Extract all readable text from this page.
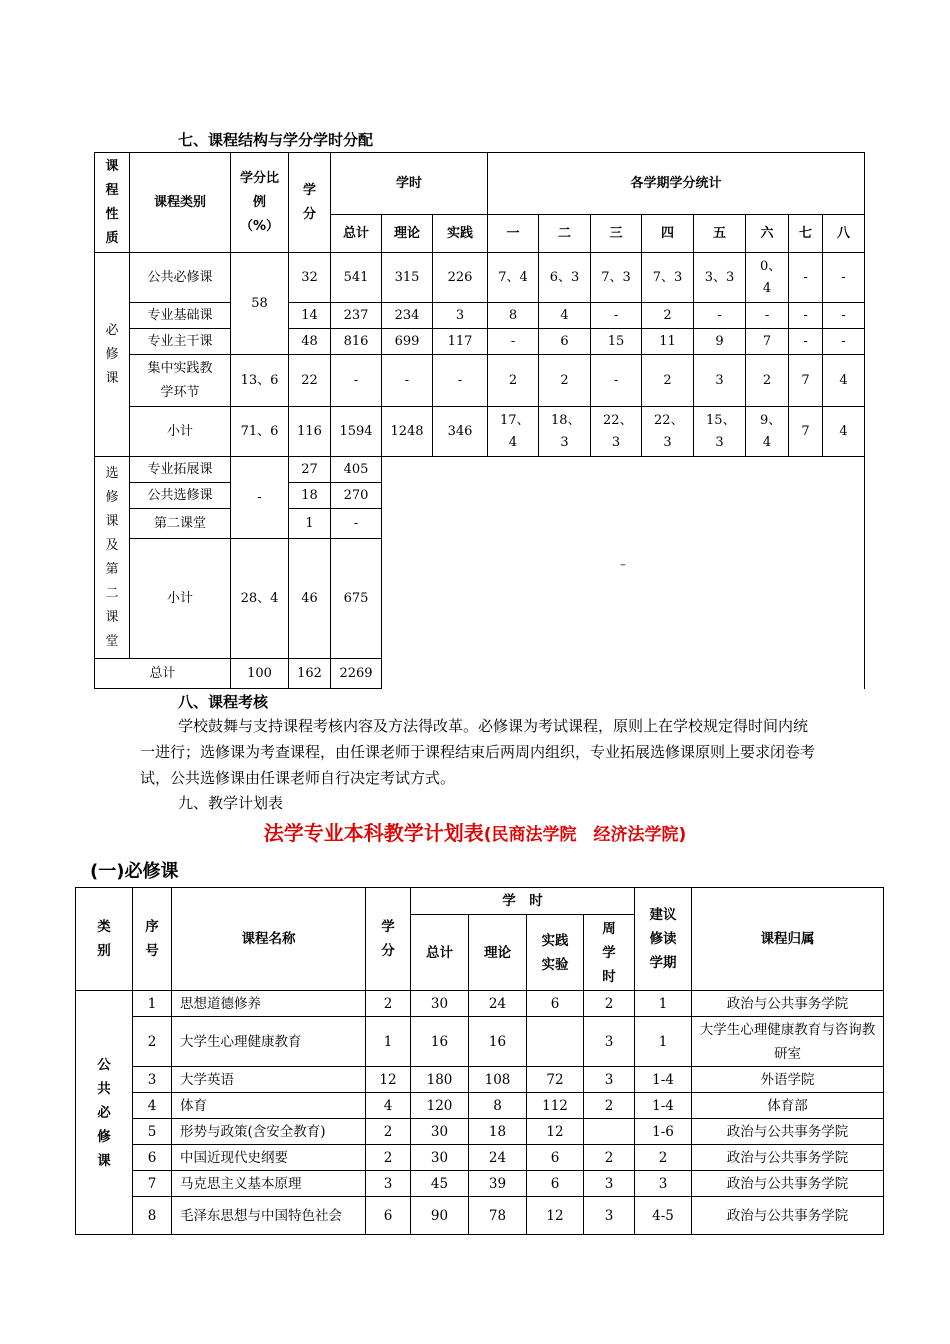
七、课程结构与学分学时分配
课程性质	课程类别	学分比例（%）	学分	学时			各学期学分统计							
				总计	理论	实践	一	二	三	四	五	六	七	八
必修课	公共必修课	58	32	541	315	226	7、4	6、3	7、3	7、3	3、3	0、4	-	-
	专业基础课		14	237	234	3	8	4	-	2	-	-	-	-
	专业主干课		48	816	699	117	-	6	15	11	9	7	-	-
	集中实践教学环节	13、6	22	-	-	-	2	2	-	2	3	2	7	4
	小计	71、6	116	1594	1248	346	17、4	18、3	22、3	22、3	15、3	9、4	7	4
选修课及第二课堂	专业拓展课	-	27	405	–
	公共选修课		18	270										
	第二课堂		1	-										
	小计	28、4	46	675										
总计		100	162	2269										
八、课程考核
学校鼓舞与支持课程考核内容及方法得改革。必修课为考试课程，原则上在学校规定得时间内统一进行；选修课为考查课程，由任课老师于课程结束后两周内组织，专业拓展选修课原则上要求闭卷考试，公共选修课由任课老师自行决定考试方式。
九、教学计划表
法学专业本科教学计划表(民商法学院　经济法学院)
(一)必修课
类别	序号	课程名称	学分	学　时				建议修读学期	课程归属
				总计	理论	实践实验	周学时		
公共必修课	1	思想道德修养	2	30	24	6	2	1	政治与公共事务学院
	2	大学生心理健康教育	1	16	16		3	1	大学生心理健康教育与咨询教研室
	3	大学英语	12	180	108	72	3	1-4	外语学院
	4	体育	4	120	8	112	2	1-4	体育部
	5	形势与政策(含安全教育)	2	30	18	12		1-6	政治与公共事务学院
	6	中国近现代史纲要	2	30	24	6	2	2	政治与公共事务学院
	7	马克思主义基本原理	3	45	39	6	3	3	政治与公共事务学院
	8	毛泽东思想与中国特色社会	6	90	78	12	3	4-5	政治与公共事务学院
